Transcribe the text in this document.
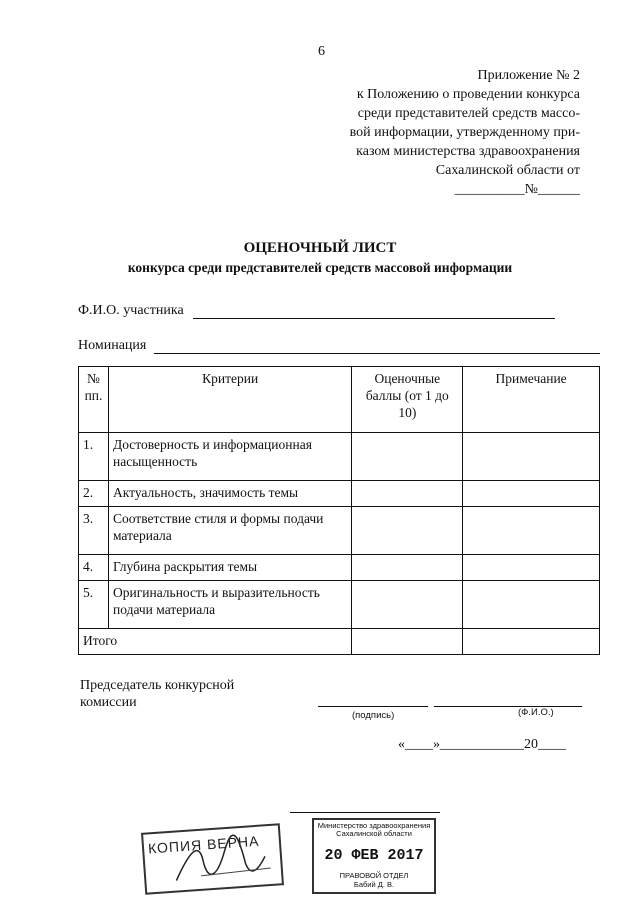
6
Приложение № 2
к Положению о проведении конкурса
среди представителей средств массо-
вой информации, утвержденному при-
казом министерства здравоохранения
Сахалинской области от
__________№______
ОЦЕНОЧНЫЙ ЛИСТ
конкурса среди представителей средств массовой информации
Ф.И.О. участника
Номинация
№ пп.	Критерии	Оценочные баллы (от 1 до 10)	Примечание
1.	Достоверность и информационная насыщенность		
2.	Актуальность, значимость темы		
3.	Соответствие стиля и формы подачи материала		
4.	Глубина раскрытия темы		
5.	Оригинальность и выразительность подачи материала		
Итого			
Председатель конкурсной комиссии
(подпись)	(Ф.И.О.)
«____»____________20____
КОПИЯ ВЕРНА
Министерство здравоохранения Сахалинской области
20 ФЕВ 2017
ПРАВОВОЙ ОТДЕЛ
Бабий Д. В.
